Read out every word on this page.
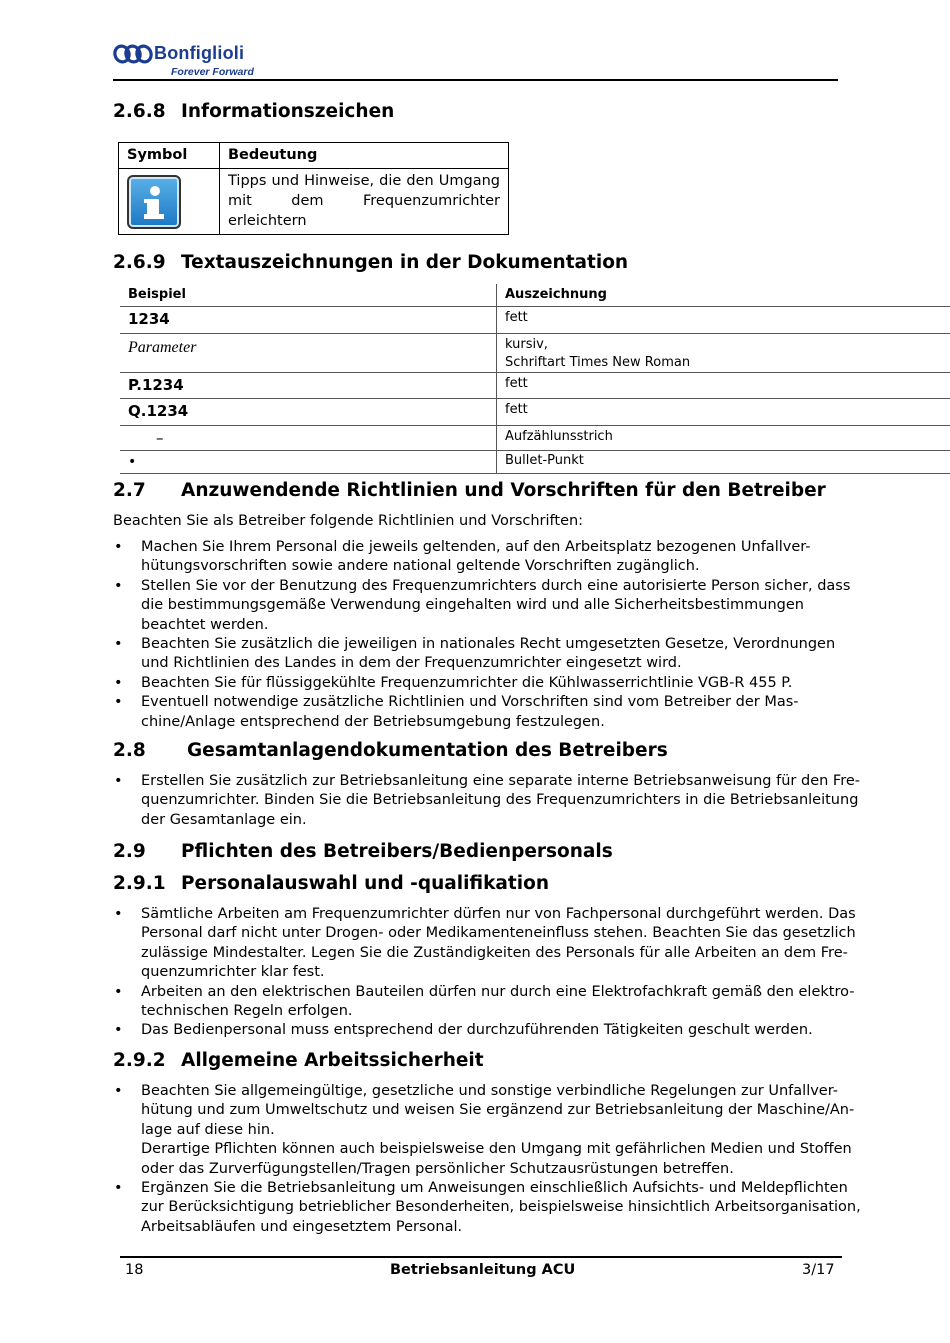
Bonfiglioli
Forever Forward
2.6.8 Informationszeichen
Symbol	Bedeutung

	Tipps und Hinweise, die den Umgang mit dem Frequenzumrichter erleichtern
2.6.9 Textauszeichnungen in der Dokumentation
Beispiel	Auszeichnung
1234	fett
Parameter	kursiv,
Schriftart Times New Roman

P.1234	fett
Q.1234	fett
–	Aufzählunsstrich
•	Bullet-Punkt
2.7 Anzuwendende Richtlinien und Vorschriften für den Betreiber
Beachten Sie als Betreiber folgende Richtlinien und Vorschriften:
• Machen Sie Ihrem Personal die jeweils geltenden, auf den Arbeitsplatz bezogenen Unfallver-
hütungsvorschriften sowie andere national geltende Vorschriften zugänglich.
• Stellen Sie vor der Benutzung des Frequenzumrichters durch eine autorisierte Person sicher, dass
die bestimmungsgemäße Verwendung eingehalten wird und alle Sicherheitsbestimmungen
beachtet werden.
• Beachten Sie zusätzlich die jeweiligen in nationales Recht umgesetzten Gesetze, Verordnungen
und Richtlinien des Landes in dem der Frequenzumrichter eingesetzt wird.
• Beachten Sie für flüssiggekühlte Frequenzumrichter die Kühlwasserrichtlinie VGB-R 455 P.
• Eventuell notwendige zusätzliche Richtlinien und Vorschriften sind vom Betreiber der Mas-
chine/Anlage entsprechend der Betriebsumgebung festzulegen.
2.8 Gesamtanlagendokumentation des Betreibers
• Erstellen Sie zusätzlich zur Betriebsanleitung eine separate interne Betriebsanweisung für den Fre-
quenzumrichter. Binden Sie die Betriebsanleitung des Frequenzumrichters in die Betriebsanleitung
der Gesamtanlage ein.
2.9 Pflichten des Betreibers/Bedienpersonals
2.9.1 Personalauswahl und -qualifikation
• Sämtliche Arbeiten am Frequenzumrichter dürfen nur von Fachpersonal durchgeführt werden. Das
Personal darf nicht unter Drogen- oder Medikamenteneinfluss stehen. Beachten Sie das gesetzlich
zulässige Mindestalter. Legen Sie die Zuständigkeiten des Personals für alle Arbeiten an dem Fre-
quenzumrichter klar fest.
• Arbeiten an den elektrischen Bauteilen dürfen nur durch eine Elektrofachkraft gemäß den elektro-
technischen Regeln erfolgen.
• Das Bedienpersonal muss entsprechend der durchzuführenden Tätigkeiten geschult werden.
2.9.2 Allgemeine Arbeitssicherheit
• Beachten Sie allgemeingültige, gesetzliche und sonstige verbindliche Regelungen zur Unfallver-
hütung und zum Umweltschutz und weisen Sie ergänzend zur Betriebsanleitung der Maschine/An-
lage auf diese hin.
Derartige Pflichten können auch beispielsweise den Umgang mit gefährlichen Medien und Stoffen
oder das Zurverfügungstellen/Tragen persönlicher Schutzausrüstungen betreffen.
• Ergänzen Sie die Betriebsanleitung um Anweisungen einschließlich Aufsichts- und Meldepflichten
zur Berücksichtigung betrieblicher Besonderheiten, beispielsweise hinsichtlich Arbeitsorganisation,
Arbeitsabläufen und eingesetztem Personal.
18	Betriebsanleitung ACU	3/17
